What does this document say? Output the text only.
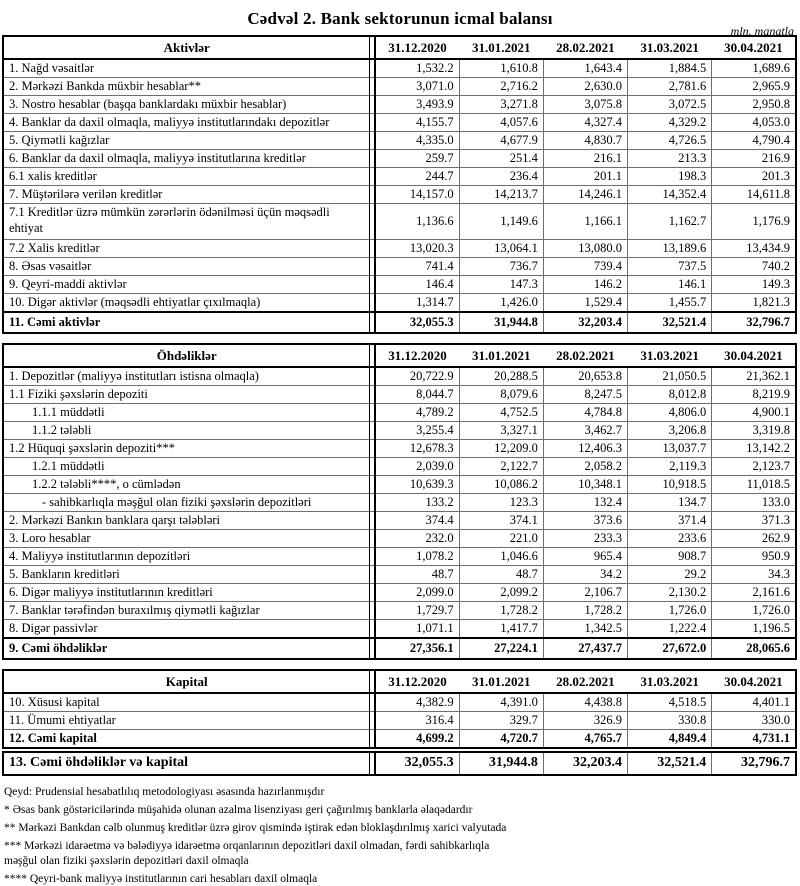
Cədvəl 2. Bank sektorunun icmal balansı
mln. manatla
Aktivlər		31.12.2020	31.01.2021	28.02.2021	31.03.2021	30.04.2021
1. Nağd vəsaitlər		1,532.2	1,610.8	1,643.4	1,884.5	1,689.6
2. Mərkəzi Bankda müxbir hesablar**		3,071.0	2,716.2	2,630.0	2,781.6	2,965.9
3. Nostro hesablar (başqa banklardakı müxbir hesablar)		3,493.9	3,271.8	3,075.8	3,072.5	2,950.8
4. Banklar da daxil olmaqla, maliyyə institutlarındakı depozitlər		4,155.7	4,057.6	4,327.4	4,329.2	4,053.0
5. Qiymətli kağızlar		4,335.0	4,677.9	4,830.7	4,726.5	4,790.4
6. Banklar da daxil olmaqla, maliyyə institutlarına kreditlər		259.7	251.4	216.1	213.3	216.9
6.1 xalis kreditlər		244.7	236.4	201.1	198.3	201.3
7. Müştərilərə verilən kreditlər		14,157.0	14,213.7	14,246.1	14,352.4	14,611.8
7.1 Kreditlər üzrə mümkün zərərlərin ödənilməsi üçün məqsədli ehtiyat		1,136.6	1,149.6	1,166.1	1,162.7	1,176.9
7.2 Xalis kreditlər		13,020.3	13,064.1	13,080.0	13,189.6	13,434.9
8. Əsas vəsaitlər		741.4	736.7	739.4	737.5	740.2
9. Qeyri-maddi aktivlər		146.4	147.3	146.2	146.1	149.3
10. Digər aktivlər (məqsədli ehtiyatlar çıxılmaqla)		1,314.7	1,426.0	1,529.4	1,455.7	1,821.3
11. Cəmi aktivlər		32,055.3	31,944.8	32,203.4	32,521.4	32,796.7
Öhdəliklər		31.12.2020	31.01.2021	28.02.2021	31.03.2021	30.04.2021
1. Depozitlər (maliyyə institutları istisna olmaqla)		20,722.9	20,288.5	20,653.8	21,050.5	21,362.1
1.1 Fiziki şəxslərin depoziti		8,044.7	8,079.6	8,247.5	8,012.8	8,219.9
1.1.1 müddətli		4,789.2	4,752.5	4,784.8	4,806.0	4,900.1
1.1.2 tələbli		3,255.4	3,327.1	3,462.7	3,206.8	3,319.8
1.2 Hüquqi şəxslərin depoziti***		12,678.3	12,209.0	12,406.3	13,037.7	13,142.2
1.2.1 müddətli		2,039.0	2,122.7	2,058.2	2,119.3	2,123.7
1.2.2 tələbli****, o cümlədən		10,639.3	10,086.2	10,348.1	10,918.5	11,018.5
- sahibkarlıqla məşğul olan fiziki şəxslərin depozitləri		133.2	123.3	132.4	134.7	133.0
2. Mərkəzi Bankın banklara qarşı tələbləri		374.4	374.1	373.6	371.4	371.3
3. Loro hesablar		232.0	221.0	233.3	233.6	262.9
4. Maliyyə institutlarının depozitləri		1,078.2	1,046.6	965.4	908.7	950.9
5. Bankların kreditləri		48.7	48.7	34.2	29.2	34.3
6. Digər maliyyə institutlarının kreditləri		2,099.0	2,099.2	2,106.7	2,130.2	2,161.6
7. Banklar tərəfindən buraxılmış qiymətli kağızlar		1,729.7	1,728.2	1,728.2	1,726.0	1,726.0
8. Digər passivlər		1,071.1	1,417.7	1,342.5	1,222.4	1,196.5
9. Cəmi öhdəliklər		27,356.1	27,224.1	27,437.7	27,672.0	28,065.6
Kapital		31.12.2020	31.01.2021	28.02.2021	31.03.2021	30.04.2021
10. Xüsusi kapital		4,382.9	4,391.0	4,438.8	4,518.5	4,401.1
11. Ümumi ehtiyatlar		316.4	329.7	326.9	330.8	330.0
12. Cəmi kapital		4,699.2	4,720.7	4,765.7	4,849.4	4,731.1
13. Cəmi öhdəliklər və kapital		32,055.3	31,944.8	32,203.4	32,521.4	32,796.7
Qeyd: Prudensial hesabatlılıq metodologiyası əsasında hazırlanmışdır
* Əsas bank göstəricilərində müşahidə olunan azalma lisenziyası geri çağırılmış banklarla əlaqədardır
** Mərkəzi Bankdan cəlb olunmuş kreditlər üzrə girov qismində iştirak edən bloklaşdırılmış xarici valyutada
*** Mərkəzi idarəetmə və bələdiyyə idarəetmə orqanlarının depozitləri daxil olmadan, fərdi sahibkarlıqla
məşğul olan fiziki şəxslərin depozitləri daxil olmaqla
**** Qeyri-bank maliyyə institutlarının cari hesabları daxil olmaqla
